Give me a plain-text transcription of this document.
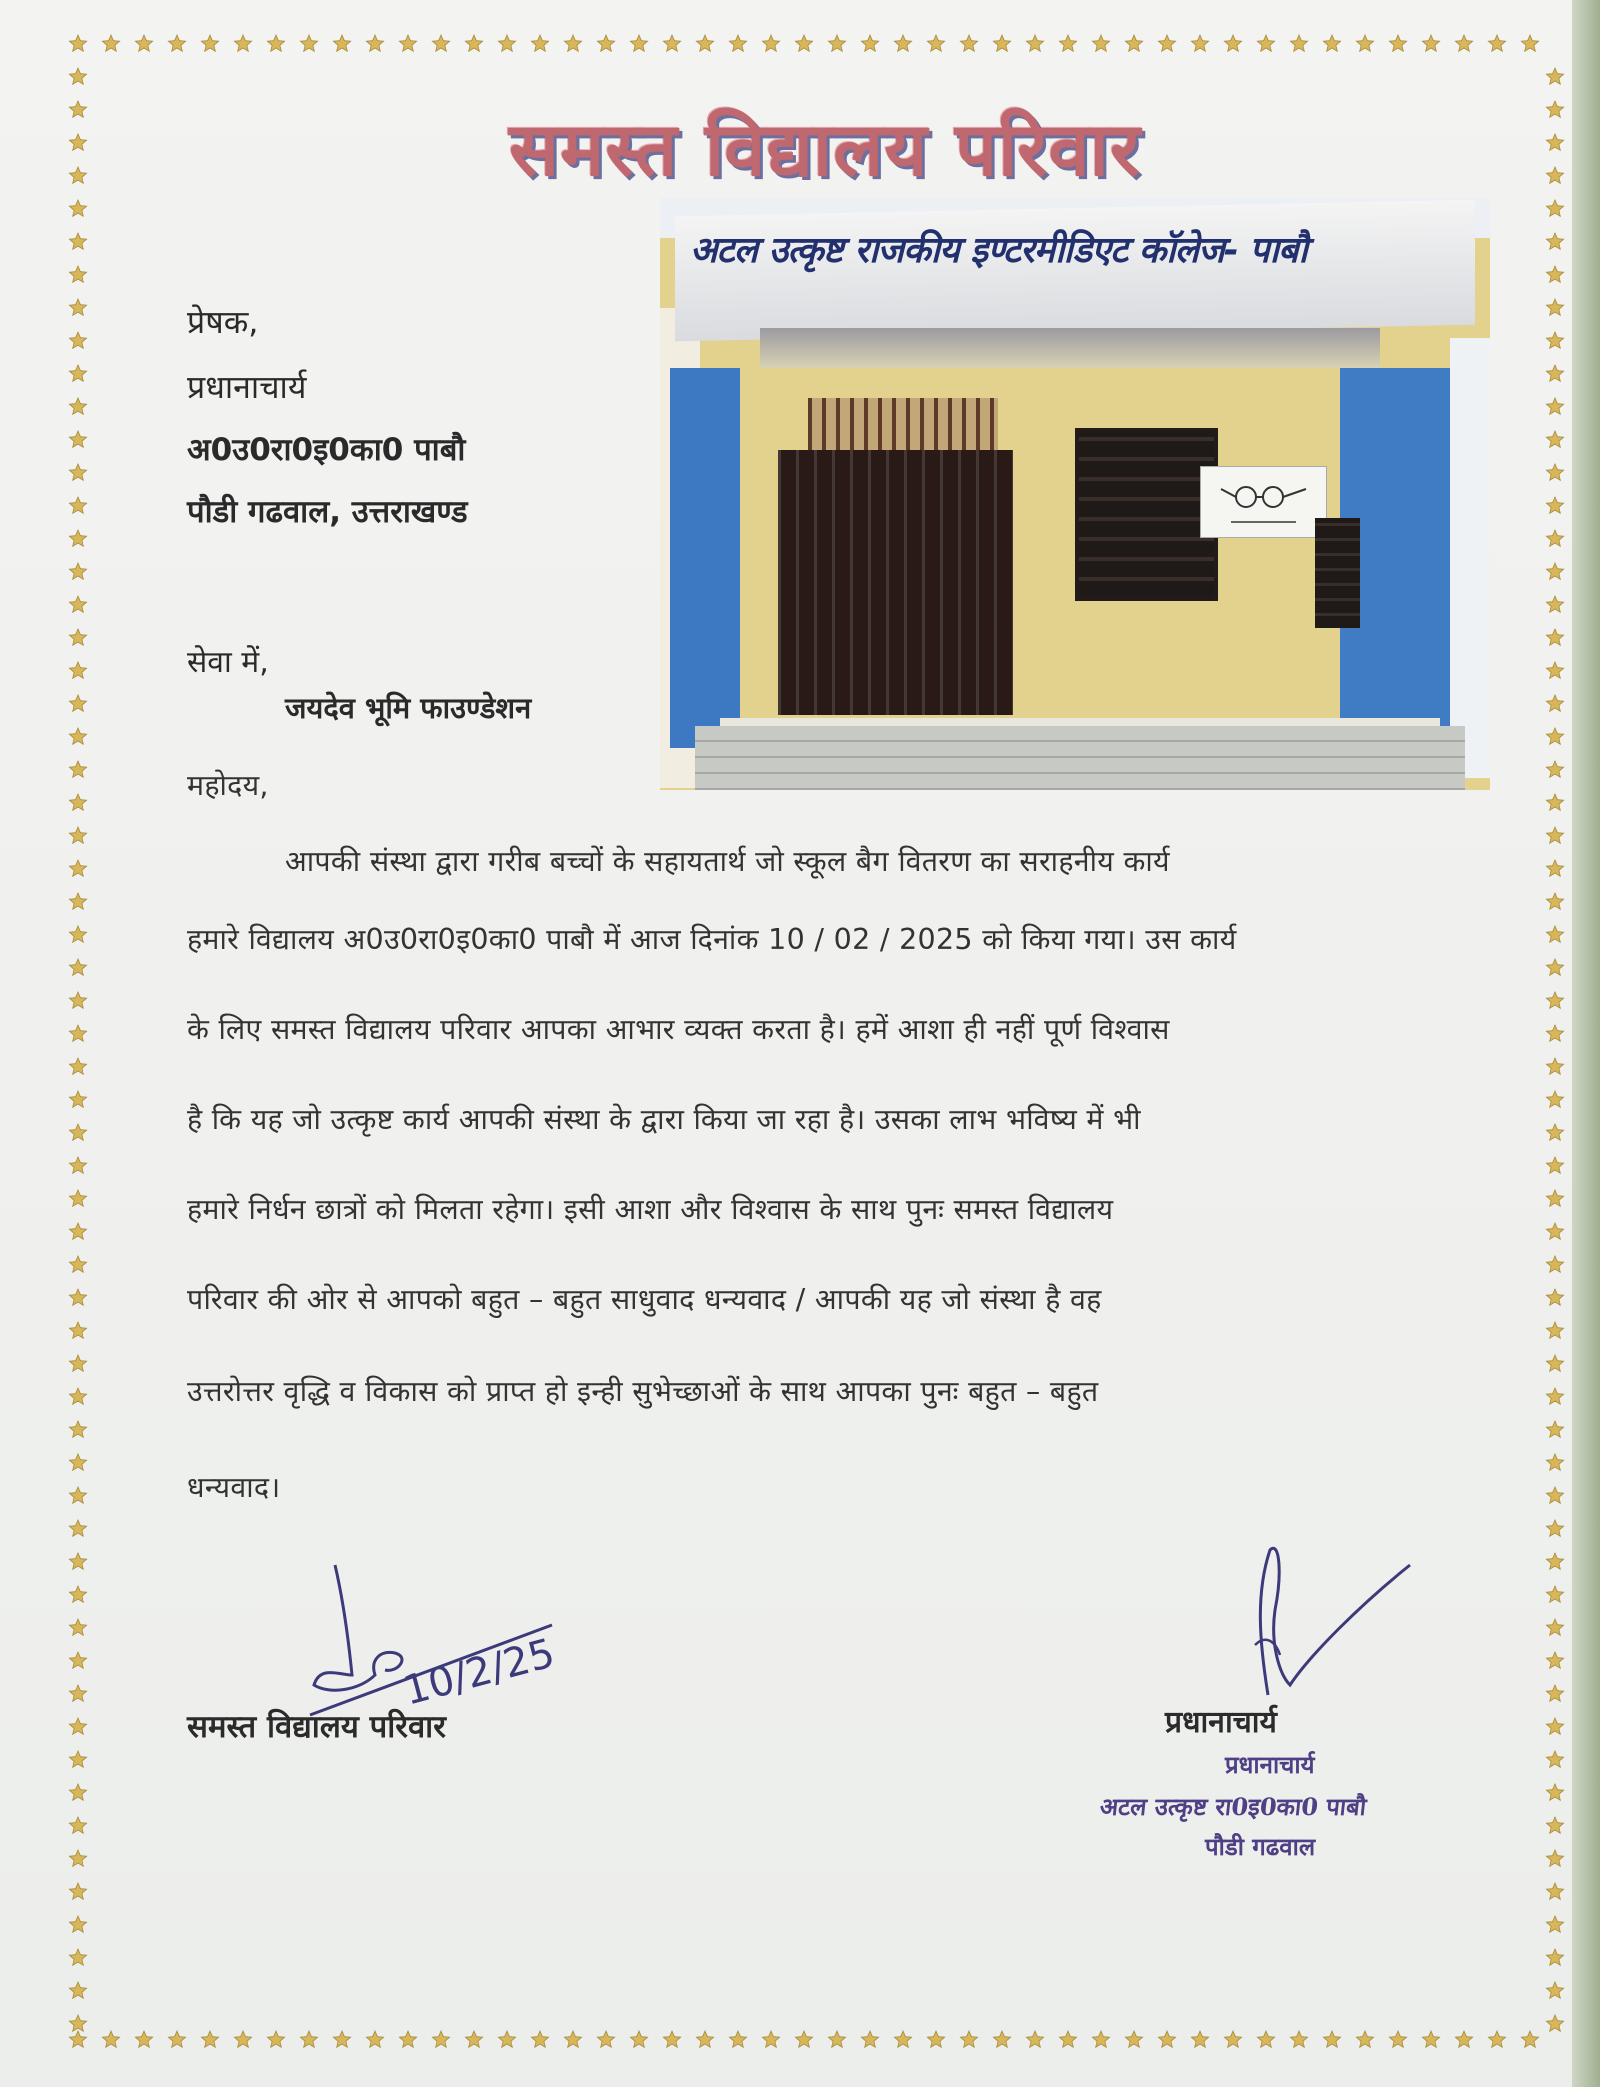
समस्त विद्यालय परिवार
अटल उत्कृष्ट राजकीय इण्टरमीडिएट कॉलेज- पाबौ
प्रेषक,
प्रधानाचार्य
अ0उ0रा0इ0का0 पाबौ
पौडी गढवाल, उत्तराखण्ड
सेवा में,
जयदेव भूमि फाउण्डेशन
महोदय,
आपकी संस्था द्वारा गरीब बच्चों के सहायतार्थ जो स्कूल बैग वितरण का सराहनीय कार्य
हमारे विद्यालय अ0उ0रा0इ0का0 पाबौ में आज दिनांक 10 / 02 / 2025 को किया गया। उस कार्य
के लिए समस्त विद्यालय परिवार आपका आभार व्यक्त करता है। हमें आशा ही नहीं पूर्ण विश्वास
है कि यह जो उत्कृष्ट कार्य आपकी संस्था के द्वारा किया जा रहा है। उसका लाभ भविष्य में भी
हमारे निर्धन छात्रों को मिलता रहेगा। इसी आशा और विश्वास के साथ पुनः समस्त विद्यालय
परिवार की ओर से आपको बहुत – बहुत साधुवाद धन्यवाद / आपकी यह जो संस्था है वह
उत्तरोत्तर वृद्धि व विकास को प्राप्त हो इन्ही सुभेच्छाओं के साथ आपका पुनः बहुत – बहुत
धन्यवाद।
10/2/25
समस्त विद्यालय परिवार	प्रधानाचार्य
प्रधानाचार्य
अटल उत्कृष्ट रा0इ0का0 पाबौ
पौडी गढवाल
